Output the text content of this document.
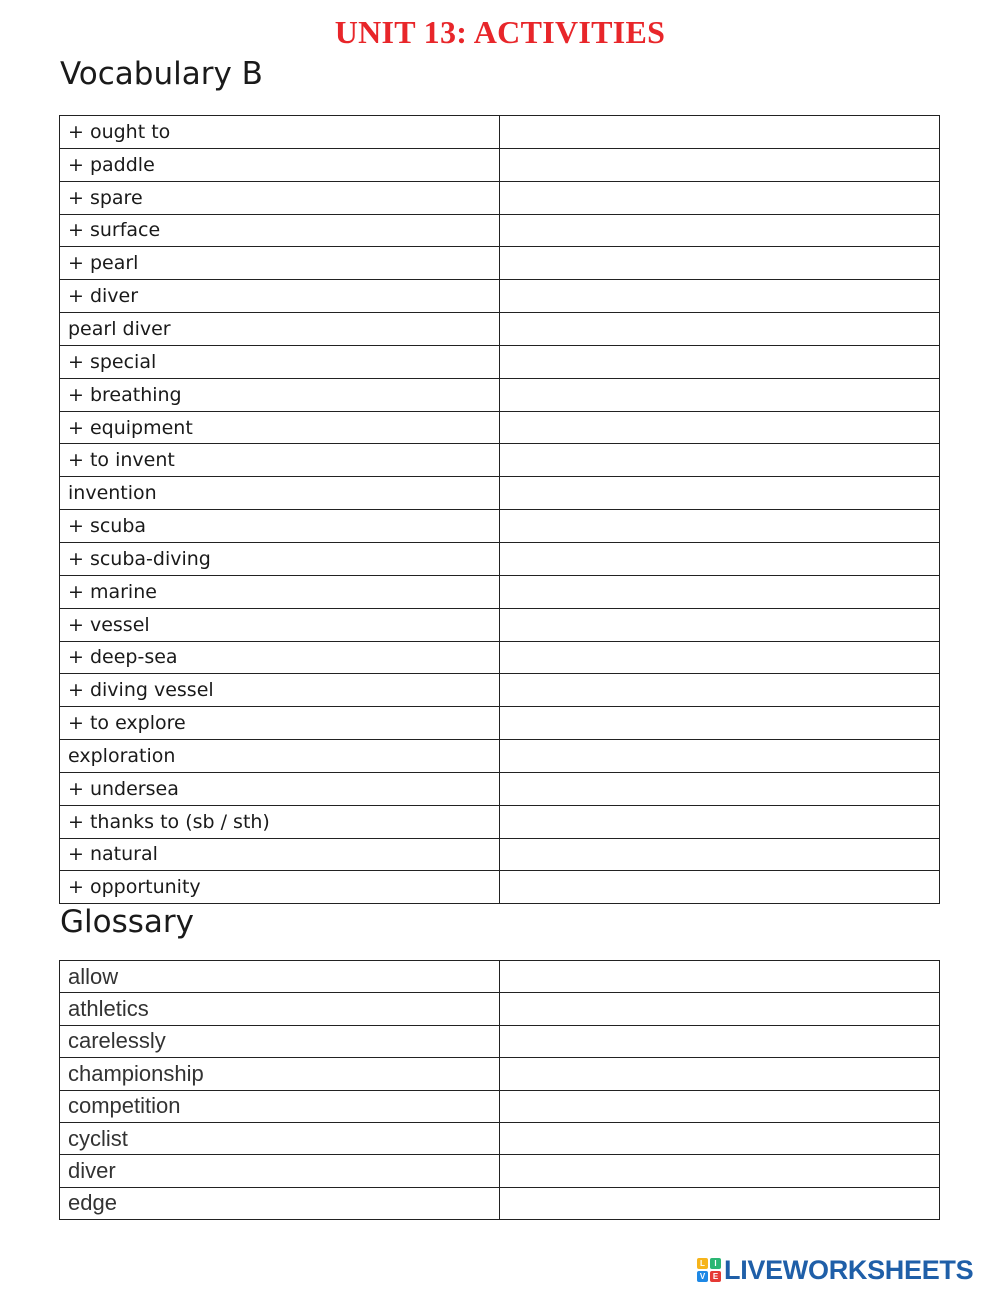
UNIT 13: ACTIVITIES
Vocabulary B
+ ought to	
+ paddle	
+ spare	
+ surface	
+ pearl	
+ diver	
pearl diver	
+ special	
+ breathing	
+ equipment	
+ to invent	
invention	
+ scuba	
+ scuba-diving	
+ marine	
+ vessel	
+ deep-sea	
+ diving vessel	
+ to explore	
exploration	
+ undersea	
+ thanks to (sb / sth)	
+ natural	
+ opportunity	
Glossary
allow	
athletics	
carelessly	
championship	
competition	
cyclist	
diver	
edge	
L	I
V E LIVEWORKSHEETS
